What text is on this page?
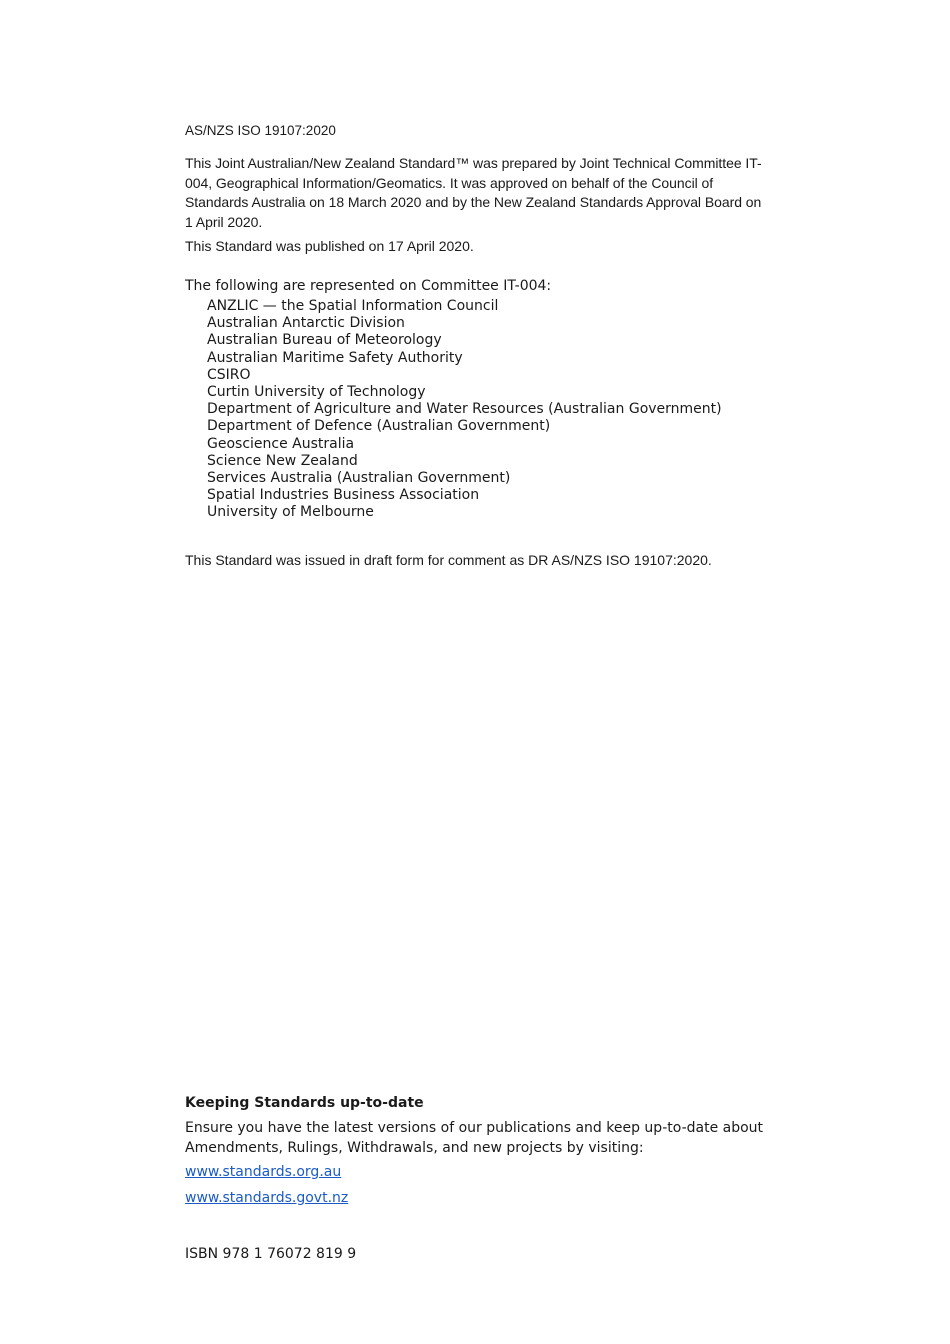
AS/NZS ISO 19107:2020

This Joint Australian/New Zealand Standard™ was prepared by Joint Technical Committee IT-004, Geographical Information/Geomatics. It was approved on behalf of the Council of Standards Australia on 18 March 2020 and by the New Zealand Standards Approval Board on 1 April 2020.

This Standard was published on 17 April 2020.
The following are represented on Committee IT-004:
ANZLIC — the Spatial Information Council
Australian Antarctic Division
Australian Bureau of Meteorology
Australian Maritime Safety Authority
CSIRO
Curtin University of Technology
Department of Agriculture and Water Resources (Australian Government)
Department of Defence (Australian Government)
Geoscience Australia
Science New Zealand
Services Australia (Australian Government)
Spatial Industries Business Association
University of Melbourne
This Standard was issued in draft form for comment as DR AS/NZS ISO 19107:2020.
Keeping Standards up-to-date

Ensure you have the latest versions of our publications and keep up-to-date about Amendments, Rulings, Withdrawals, and new projects by visiting:

www.standards.org.au
www.standards.govt.nz
ISBN 978 1 76072 819 9
